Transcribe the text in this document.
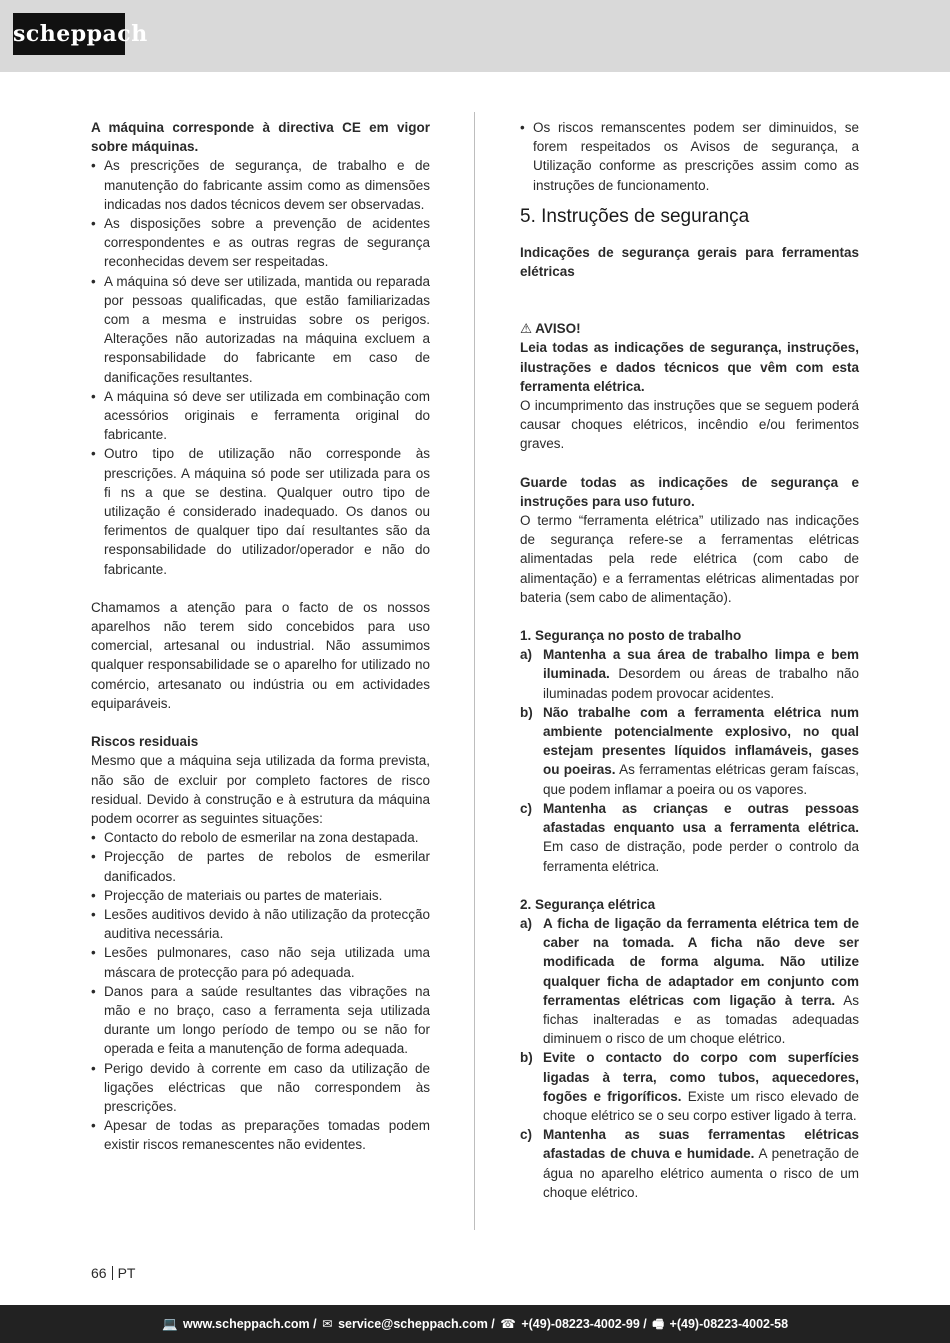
scheppach

A máquina corresponde à directiva CE em vigor sobre máquinas.

• As prescrições de segurança, de trabalho e de manutenção do fabricante assim como as dimensões indicadas nos dados técnicos devem ser observadas.
• As disposições sobre a prevenção de acidentes correspondentes e as outras regras de segurança reconhecidas devem ser respeitadas.
• A máquina só deve ser utilizada, mantida ou reparada por pessoas qualificadas, que estão familiarizadas com a mesma e instruidas sobre os perigos. Alterações não autorizadas na máquina excluem a responsabilidade do fabricante em caso de danificações resultantes.
• A máquina só deve ser utilizada em combinação com acessórios originais e ferramenta original do fabricante.
• Outro tipo de utilização não corresponde às prescrições. A máquina só pode ser utilizada para os fi ns a que se destina. Qualquer outro tipo de utilização é considerado inadequado. Os danos ou ferimentos de qualquer tipo daí resultantes são da responsabilidade do utilizador/operador e não do fabricante.

Chamamos a atenção para o facto de os nossos aparelhos não terem sido concebidos para uso comercial, artesanal ou industrial. Não assumimos qualquer responsabilidade se o aparelho for utilizado no comércio, artesanato ou indústria ou em actividades equiparáveis.

Riscos residuais

Mesmo que a máquina seja utilizada da forma prevista, não são de excluir por completo factores de risco residual. Devido à construção e à estrutura da máquina podem ocorrer as seguintes situações:

• Contacto do rebolo de esmerilar na zona destapada.
• Projecção de partes de rebolos de esmerilar danificados.
• Projecção de materiais ou partes de materiais.
• Lesões auditivos devido à não utilização da protecção auditiva necessária.
• Lesões pulmonares, caso não seja utilizada uma máscara de protecção para pó adequada.
• Danos para a saúde resultantes das vibrações na mão e no braço, caso a ferramenta seja utilizada durante um longo período de tempo ou se não for operada e feita a manutenção de forma adequada.
• Perigo devido à corrente em caso da utilização de ligações eléctricas que não correspondem às prescrições.
• Apesar de todas as preparações tomadas podem existir riscos remanescentes não evidentes.
• Os riscos remanscentes podem ser diminuidos, se forem respeitados os Avisos de segurança, a Utilização conforme as prescrições assim como as instruções de funcionamento.
5. Instruções de segurança

Indicações de segurança gerais para ferramentas elétricas

⚠ AVISO!

Leia todas as indicações de segurança, instruções, ilustrações e dados técnicos que vêm com esta ferramenta elétrica.

O incumprimento das instruções que se seguem poderá causar choques elétricos, incêndio e/ou ferimentos graves.

Guarde todas as indicações de segurança e instruções para uso futuro.

O termo “ferramenta elétrica” utilizado nas indicações de segurança refere-se a ferramentas elétricas alimentadas pela rede elétrica (com cabo de alimentação) e a ferramentas elétricas alimentadas por bateria (sem cabo de alimentação).

1. Segurança no posto de trabalho

a) Mantenha a sua área de trabalho limpa e bem iluminada. Desordem ou áreas de trabalho não iluminadas podem provocar acidentes.
b) Não trabalhe com a ferramenta elétrica num ambiente potencialmente explosivo, no qual estejam presentes líquidos inflamáveis, gases ou poeiras. As ferramentas elétricas geram faíscas, que podem inflamar a poeira ou os vapores.
c) Mantenha as crianças e outras pessoas afastadas enquanto usa a ferramenta elétrica. Em caso de distração, pode perder o controlo da ferramenta elétrica.

2. Segurança elétrica

a) A ficha de ligação da ferramenta elétrica tem de caber na tomada. A ficha não deve ser modificada de forma alguma. Não utilize qualquer ficha de adaptador em conjunto com ferramentas elétricas com ligação à terra. As fichas inalteradas e as tomadas adequadas diminuem o risco de um choque elétrico.
b) Evite o contacto do corpo com superfícies ligadas à terra, como tubos, aquecedores, fogões e frigoríficos. Existe um risco elevado de choque elétrico se o seu corpo estiver ligado à terra.
c) Mantenha as suas ferramentas elétricas afastadas de chuva e humidade. A penetração de água no aparelho elétrico aumenta o risco de um choque elétrico.
66 PT
💻 www.scheppach.com / ✉ service@scheppach.com / ☎ +(49)-08223-4002-99 / 🖷 +(49)-08223-4002-58
